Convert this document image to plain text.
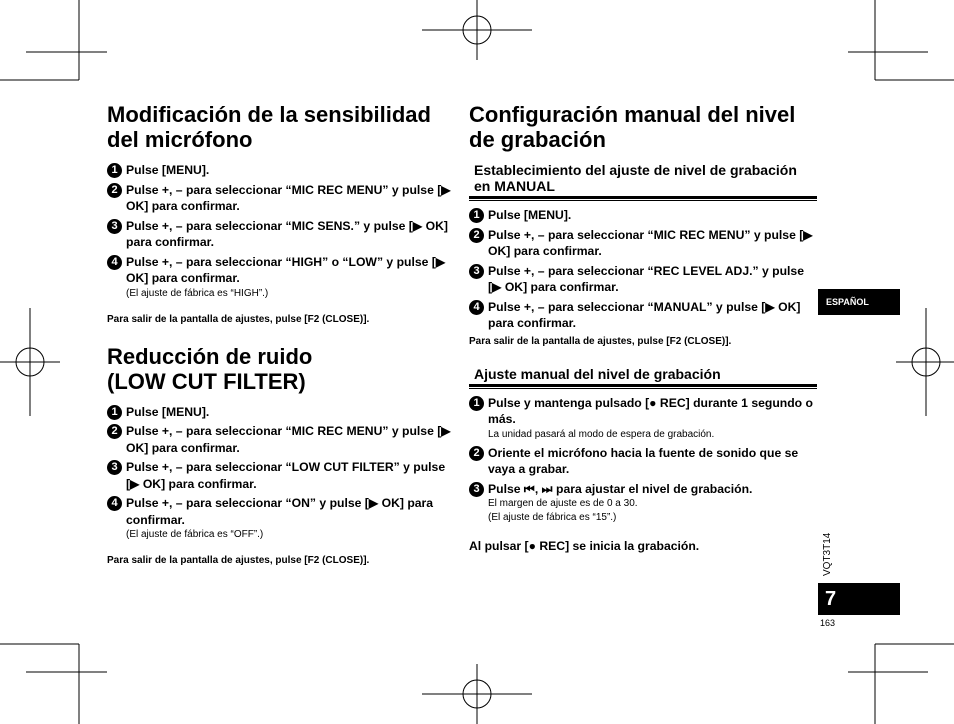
Modificación de la sensibilidad del micrófono
1 Pulse [MENU].
2 Pulse +, – para seleccionar “MIC REC MENU” y pulse [▶ OK] para confirmar.
3 Pulse +, – para seleccionar “MIC SENS.” y pulse [▶ OK] para confirmar.
4 Pulse +, – para seleccionar “HIGH” o “LOW” y pulse [▶ OK] para confirmar.
(El ajuste de fábrica es “HIGH”.)

Para salir de la pantalla de ajustes, pulse [F2 (CLOSE)].

Reducción de ruido
(LOW CUT FILTER)
1 Pulse [MENU].
2 Pulse +, – para seleccionar “MIC REC MENU” y pulse [▶ OK] para confirmar.
3 Pulse +, – para seleccionar “LOW CUT FILTER” y pulse [▶ OK] para confirmar.
4 Pulse +, – para seleccionar “ON” y pulse [▶ OK] para confirmar.
(El ajuste de fábrica es “OFF”.)

Para salir de la pantalla de ajustes, pulse [F2 (CLOSE)].

Configuración manual del nivel de grabación
Establecimiento del ajuste de nivel de grabación en MANUAL
1 Pulse [MENU].
2 Pulse +, – para seleccionar “MIC REC MENU” y pulse [▶ OK] para confirmar.
3 Pulse +, – para seleccionar “REC LEVEL ADJ.” y pulse [▶ OK] para confirmar.
4 Pulse +, – para seleccionar “MANUAL” y pulse [▶ OK] para confirmar.

Para salir de la pantalla de ajustes, pulse [F2 (CLOSE)].

Ajuste manual del nivel de grabación
1 Pulse y mantenga pulsado [● REC] durante 1 segundo o más.
La unidad pasará al modo de espera de grabación.
2 Oriente el micrófono hacia la fuente de sonido que se vaya a grabar.
3 Pulse ⏮, ⏭ para ajustar el nivel de grabación.
El margen de ajuste es de 0 a 30.
(El ajuste de fábrica es “15”.)

Al pulsar [● REC] se inicia la grabación.

ESPAÑOL
VQT3T14
7
163
